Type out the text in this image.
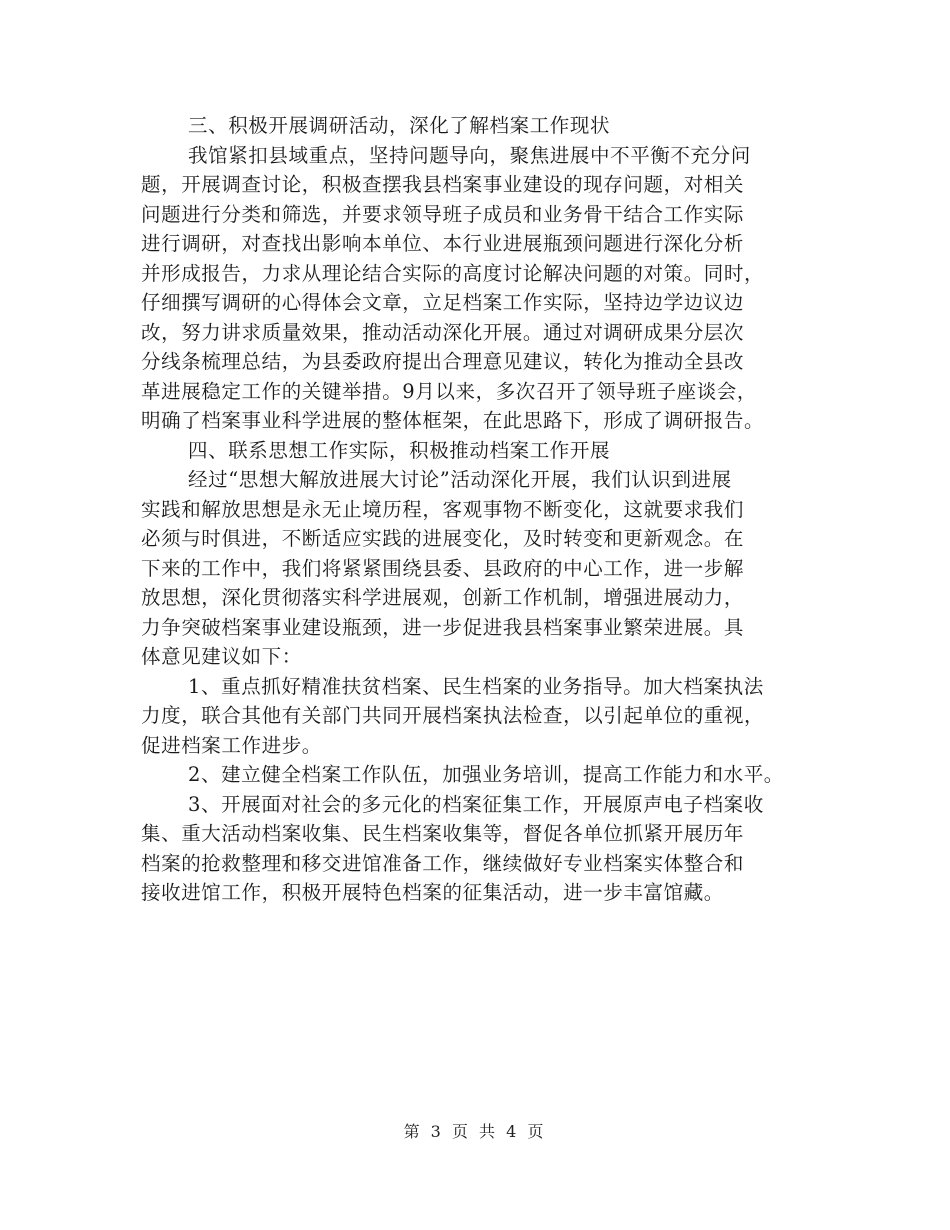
三、积极开展调研活动，深化了解档案工作现状
我馆紧扣县域重点，坚持问题导向，聚焦进展中不平衡不充分问
题，开展调查讨论，积极查摆我县档案事业建设的现存问题，对相关
问题进行分类和筛选，并要求领导班子成员和业务骨干结合工作实际
进行调研，对查找出影响本单位、本行业进展瓶颈问题进行深化分析
并形成报告，力求从理论结合实际的高度讨论解决问题的对策。同时，
仔细撰写调研的心得体会文章，立足档案工作实际，坚持边学边议边
改，努力讲求质量效果，推动活动深化开展。通过对调研成果分层次
分线条梳理总结，为县委政府提出合理意见建议，转化为推动全县改
革进展稳定工作的关键举措。9月以来，多次召开了领导班子座谈会，
明确了档案事业科学进展的整体框架，在此思路下，形成了调研报告。
四、联系思想工作实际，积极推动档案工作开展
经过“思想大解放进展大讨论”活动深化开展，我们认识到进展
实践和解放思想是永无止境历程，客观事物不断变化，这就要求我们
必须与时俱进，不断适应实践的进展变化，及时转变和更新观念。在
下来的工作中，我们将紧紧围绕县委、县政府的中心工作，进一步解
放思想，深化贯彻落实科学进展观，创新工作机制，增强进展动力，
力争突破档案事业建设瓶颈，进一步促进我县档案事业繁荣进展。具
体意见建议如下：
1、重点抓好精准扶贫档案、民生档案的业务指导。加大档案执法
力度，联合其他有关部门共同开展档案执法检查，以引起单位的重视，
促进档案工作进步。
2、建立健全档案工作队伍，加强业务培训，提高工作能力和水平。
3、开展面对社会的多元化的档案征集工作，开展原声电子档案收
集、重大活动档案收集、民生档案收集等，督促各单位抓紧开展历年
档案的抢救整理和移交进馆准备工作，继续做好专业档案实体整合和
接收进馆工作，积极开展特色档案的征集活动，进一步丰富馆藏。
第 3 页 共 4 页
